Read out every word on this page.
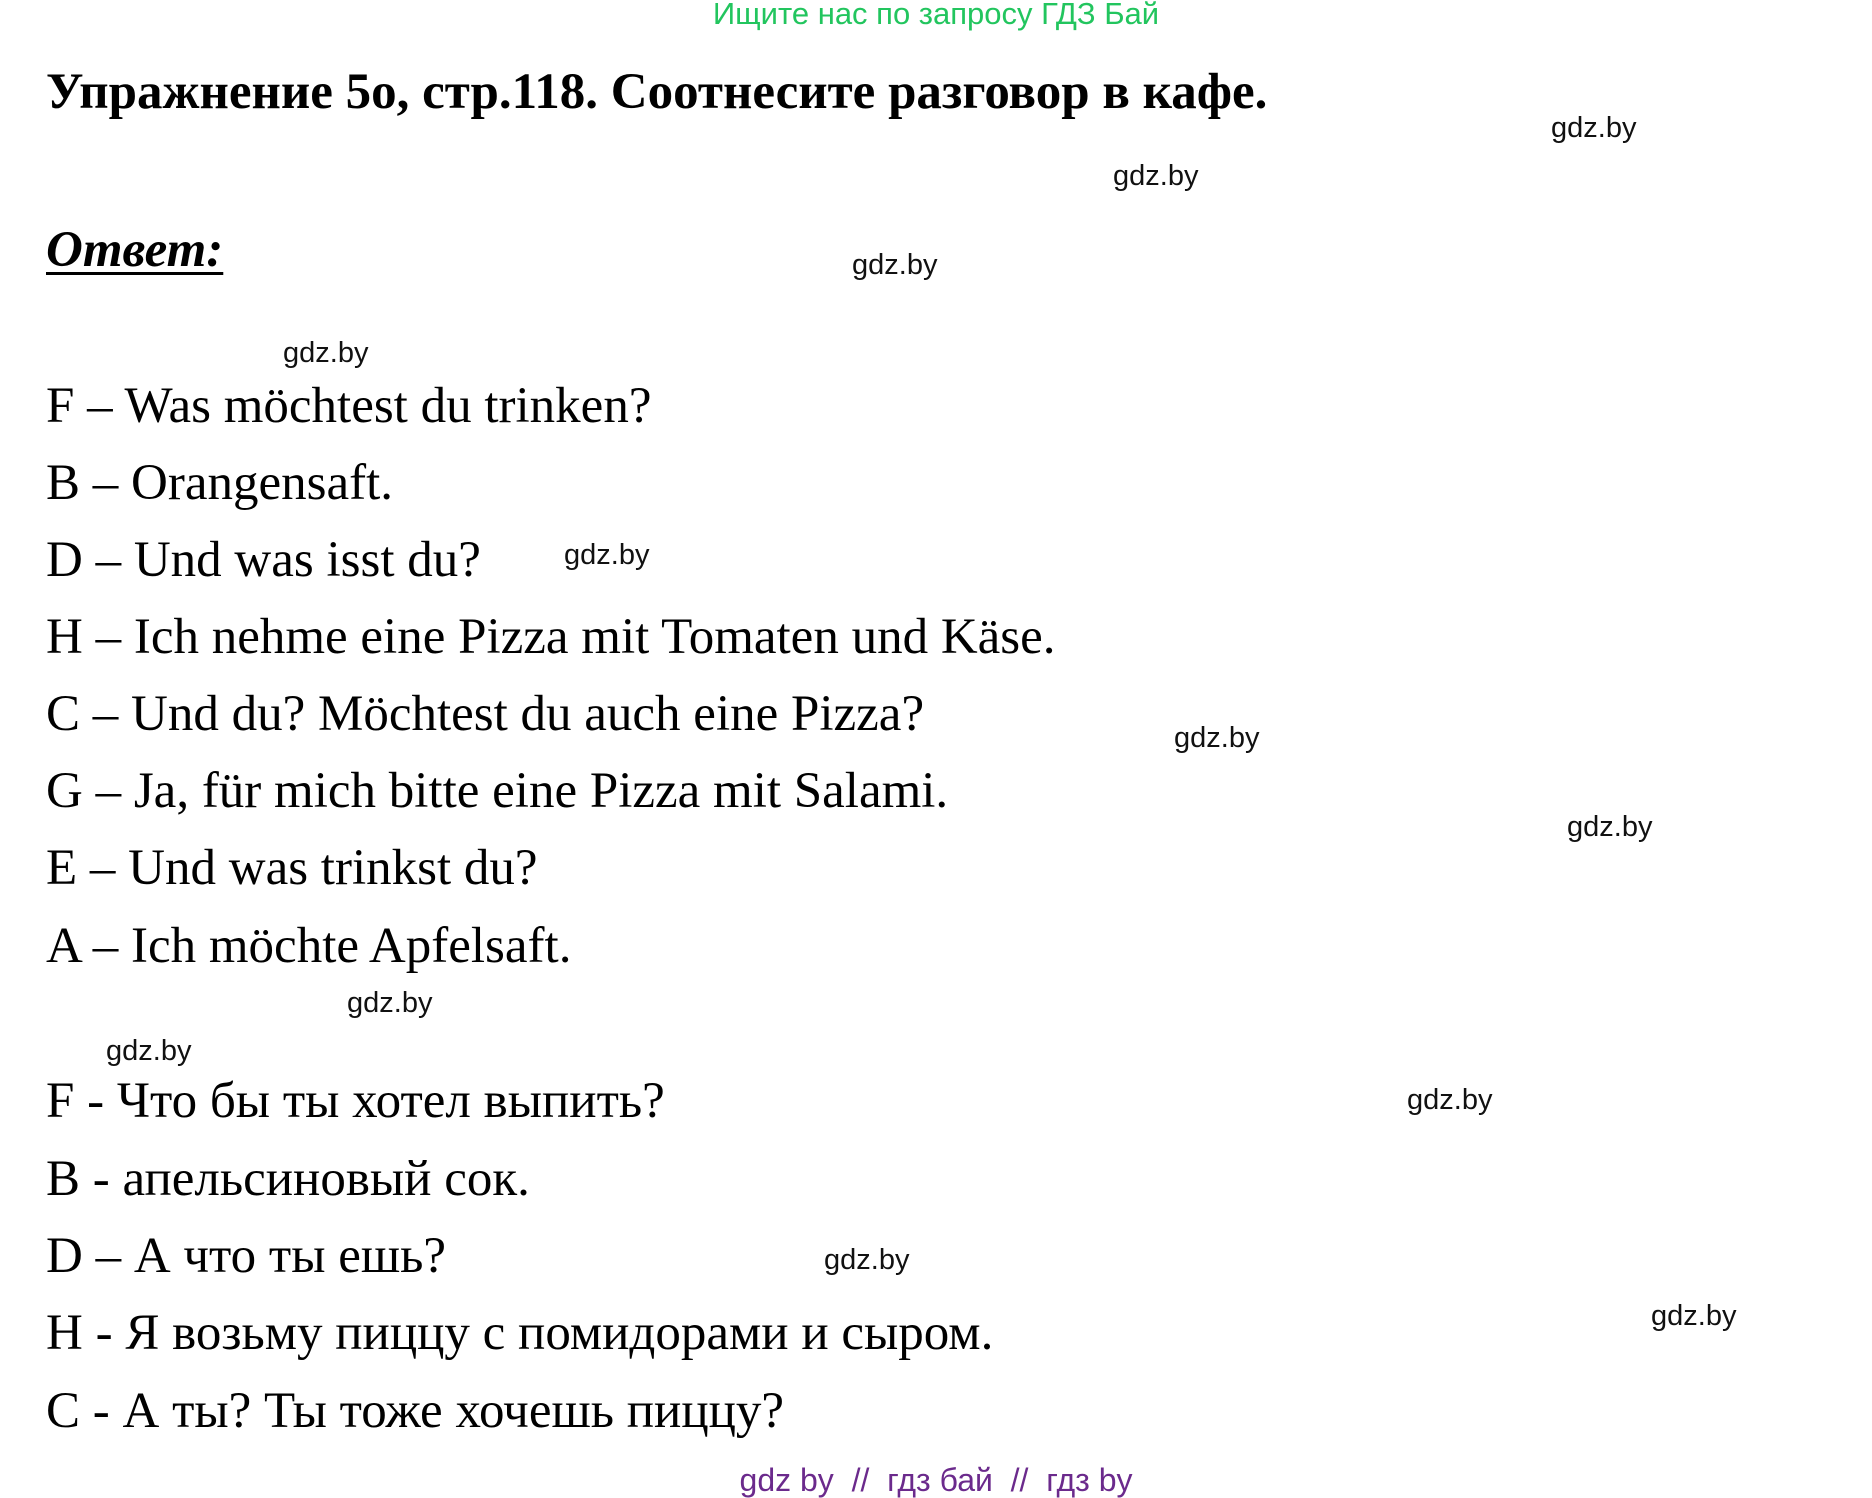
Ищите нас по запросу ГДЗ Бай
Упражнение 5о, стр.118. Соотнесите разговор в кафе.
Ответ:
F – Was möchtest du trinken?
B – Orangensaft.
D – Und was isst du?
H – Ich nehme eine Pizza mit Tomaten und Käse.
C – Und du? Möchtest du auch eine Pizza?
G – Ja, für mich bitte eine Pizza mit Salami.
E – Und was trinkst du?
A – Ich möchte Apfelsaft.
F - Что бы ты хотел выпить?
B - апельсиновый сок.
D – А что ты ешь?
H - Я возьму пиццу с помидорами и сыром.
C - А ты? Ты тоже хочешь пиццу?
gdz.by
gdz.by
gdz.by
gdz.by
gdz.by
gdz.by
gdz.by
gdz.by
gdz.by
gdz.by
gdz.by
gdz.by
gdz by  //  гдз бай  //  гдз by
